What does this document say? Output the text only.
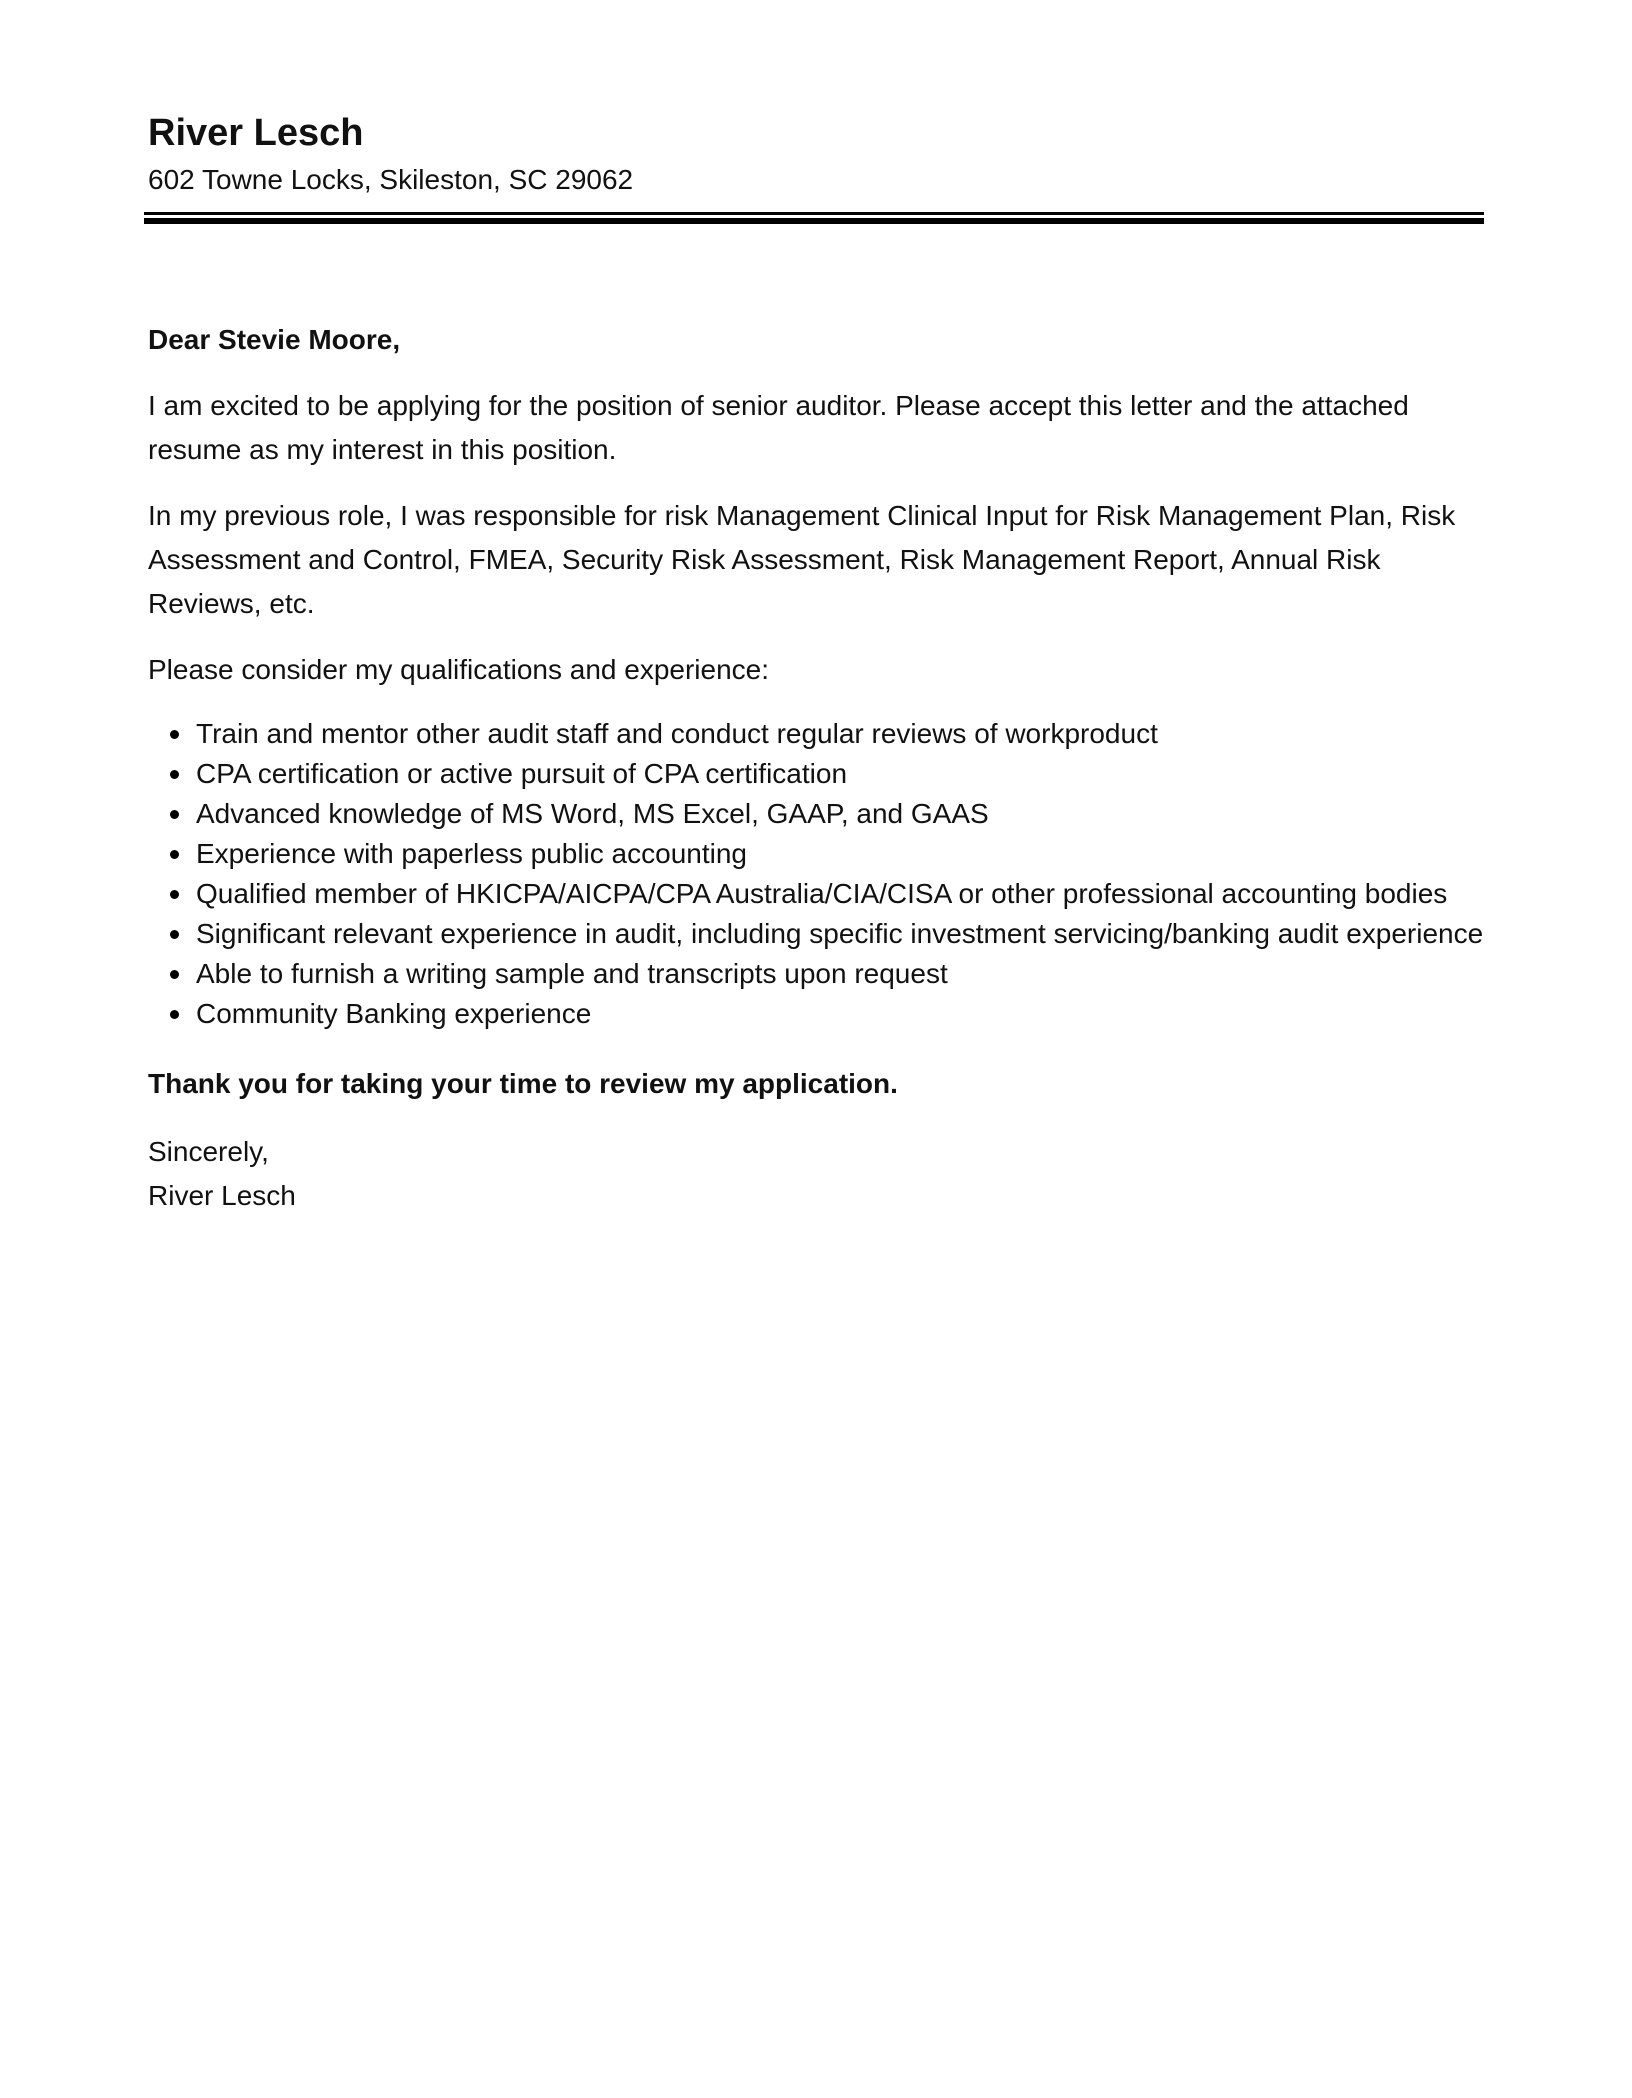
River Lesch

602 Towne Locks, Skileston, SC 29062

Dear Stevie Moore,

I am excited to be applying for the position of senior auditor. Please accept this letter and the attached resume as my interest in this position.

In my previous role, I was responsible for risk Management Clinical Input for Risk Management Plan, Risk Assessment and Control, FMEA, Security Risk Assessment, Risk Management Report, Annual Risk Reviews, etc.

Please consider my qualifications and experience:

Train and mentor other audit staff and conduct regular reviews of workproduct
CPA certification or active pursuit of CPA certification
Advanced knowledge of MS Word, MS Excel, GAAP, and GAAS
Experience with paperless public accounting
Qualified member of HKICPA/AICPA/CPA Australia/CIA/CISA or other professional accounting bodies
Significant relevant experience in audit, including specific investment servicing/banking audit experience
Able to furnish a writing sample and transcripts upon request
Community Banking experience

Thank you for taking your time to review my application.

Sincerely,

River Lesch
